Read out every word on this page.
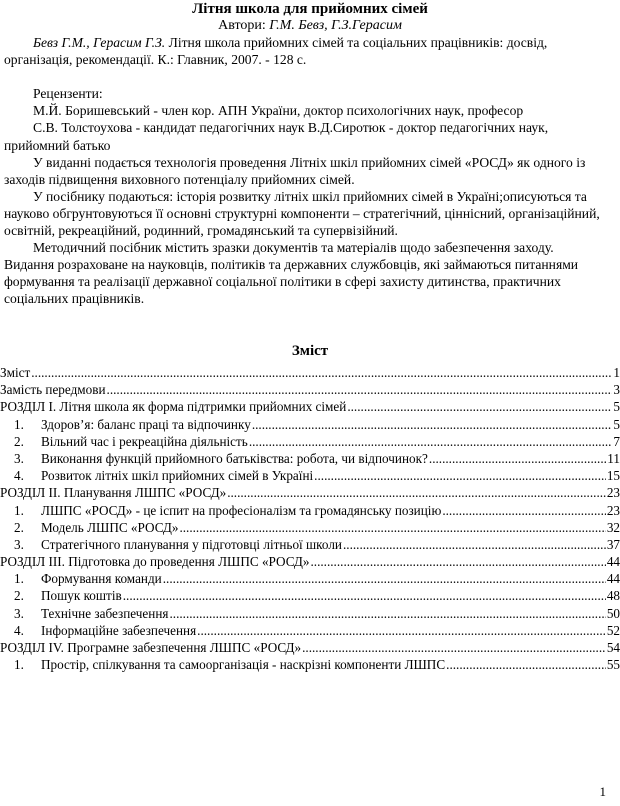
Літня школа для прийомних сімей
Автори: Г.М. Бевз, Г.З.Герасим

Бевз Г.М., Герасим Г.З. Літня школа прийомних сімей та соціальних працівників: досвід, організація, рекомендації. К.: Главник, 2007. - 128 с.

Рецензенти:

М.Й. Боришевський - член кор. АПН України, доктор психологічних наук, професор

С.В. Толстоухова - кандидат педагогічних наук В.Д.Сиротюк - доктор педагогічних наук, прийомний батько

У виданні подається технологія проведення Літніх шкіл прийомних сімей «РОСД» як одного із заходів підвищення виховного потенціалу прийомних сімей.

У посібнику подаються: історія розвитку літніх шкіл прийомних сімей в Україні;описуються та науково обгрунтовуються її основні структурні компоненти – стратегічний, ціннісний, організаційний, освітній, рекреаційний, родинний, громадянський та супервізійний.

Методичний посібник містить зразки документів та матеріалів щодо забезпечення заходу.

Видання розраховане на науковців, політиків та державних службовців, які займаються питаннями формування та реалізації державної соціальної політики в сфері захисту дитинства, практичних соціальних працівників.

Зміст
Зміст .....	1
Замість передмови .....	3
РОЗДІЛ І. Літня школа як форма підтримки прийомних сімей .....	5
1.	Здоров’я: баланс праці та відпочинку .....	5
2.	Вільний час і рекреаційна діяльність .....	7
3.	Виконання функцій прийомного батьківства: робота, чи відпочинок? .....	11
4.	Розвиток літніх шкіл прийомних сімей в Україні .....	15
РОЗДІЛ ІІ. Планування ЛШПС «РОСД» .....	23
1.	ЛШПС «РОСД» - це іспит на професіоналізм та громадянську позицію .....	23
2.	Модель ЛШПС «РОСД» .....	32
3.	Стратегічного планування у підготовці літньої школи .....	37
РОЗДІЛ ІІІ. Підготовка до проведення ЛШПС «РОСД» .....	44
1.	Формування команди .....	44
2.	Пошук коштів .....	48
3.	Технічне забезпечення .....	50
4.	Інформаційне забезпечення .....	52
РОЗДІЛ IV. Програмне забезпечення ЛШПС «РОСД» .....	54
1.	Простір, спілкування та самоорганізація - наскрізні компоненти ЛШПС .....	55
1
